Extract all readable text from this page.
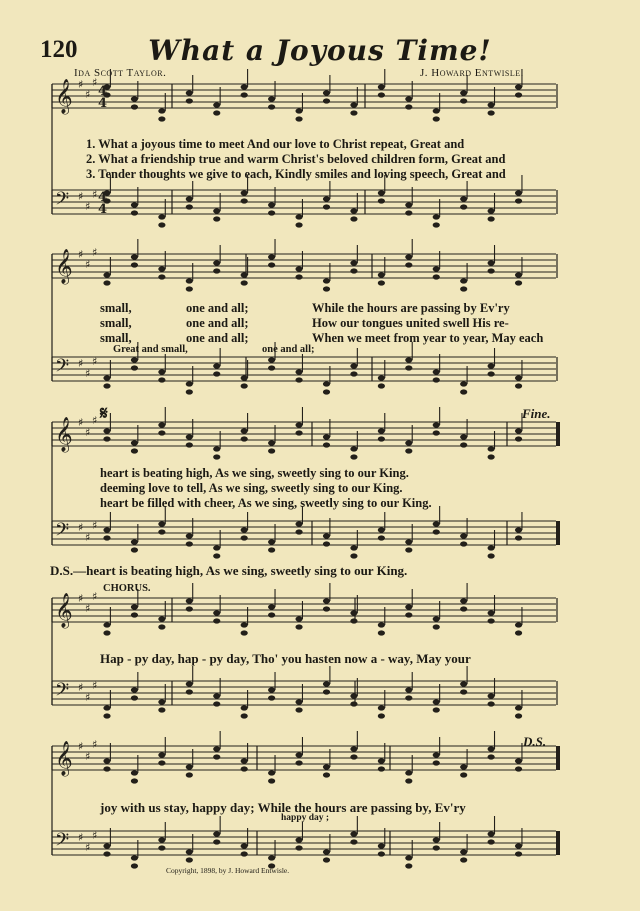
120	What a Joyous Time!
Ida Scott Taylor.	J. Howard Entwisle.
𝄞 ♯
♯
♯
𝄢 ♯
♯
♯
𝄞 ♯
♯
♯
𝄢 ♯
♯
♯
𝄞 ♯
♯
♯
𝄢 ♯
♯
♯
𝄞 ♯
♯
♯
𝄢 ♯
♯
♯
𝄞 ♯
♯
♯
𝄢 ♯
♯
♯
4
4
4
4
1. What a joyous time to meet And our love to Christ repeat, Great and
2. What a friendship true and warm Christ's beloved children form, Great and
3. Tender thoughts we give to each, Kindly smiles and loving speech, Great and
small,	one and all;	While the hours are passing by Ev'ry
small,	one and all;	How our tongues united swell His re-
small,	one and all;	When we meet from year to year, May each
Great and small,	one and all;
𝄋	Fine.
heart is beating high, As we sing, sweetly sing to our King.
deeming love to tell, As we sing, sweetly sing to our King.
heart be filled with cheer, As we sing, sweetly sing to our King.
D.S.—heart is beating high, As we sing, sweetly sing to our King.
CHORUS.
Hap - py day, hap - py day, Tho' you hasten now a - way, May your
D.S.
joy with us stay, happy day; While the hours are passing by, Ev'ry
happy day ;
Copyright, 1898, by J. Howard Entwisle.
